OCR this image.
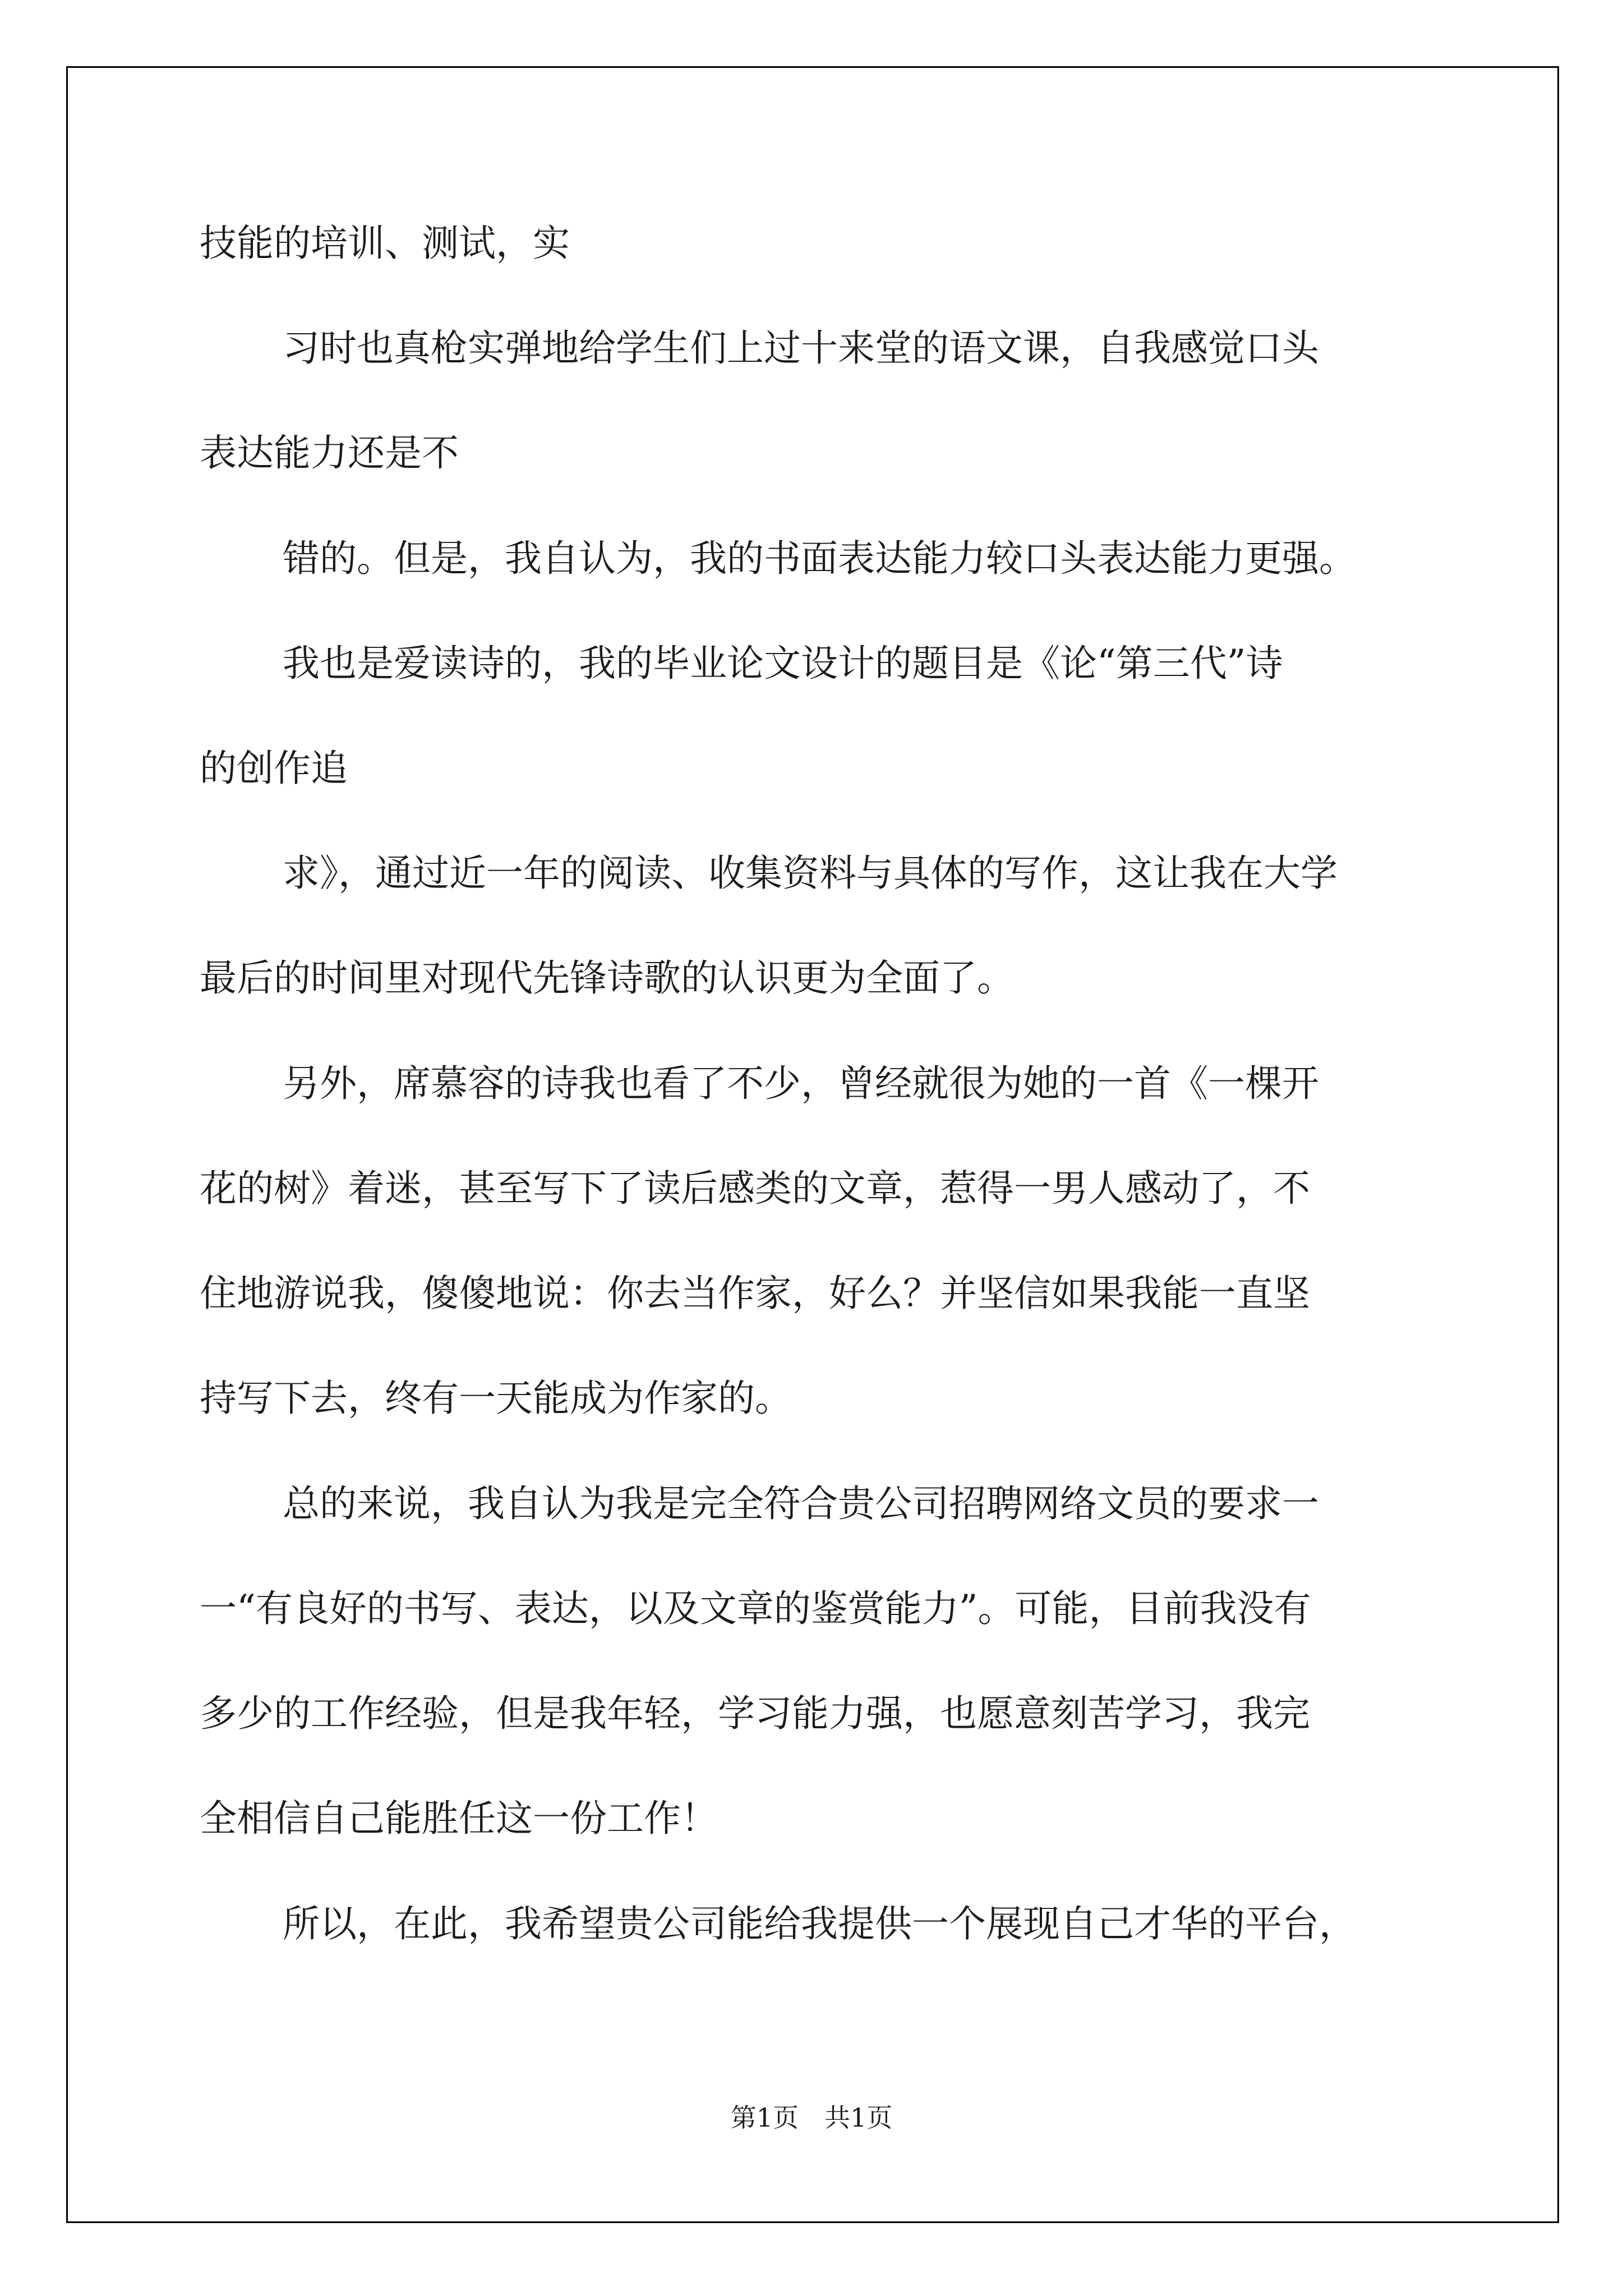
技能的培训、测试，实

习时也真枪实弹地给学生们上过十来堂的语文课，自我感觉口头

表达能力还是不

错的。但是，我自认为，我的书面表达能力较口头表达能力更强。

我也是爱读诗的，我的毕业论文设计的题目是《论“第三代”诗

的创作追

求》，通过近一年的阅读、收集资料与具体的写作，这让我在大学

最后的时间里对现代先锋诗歌的认识更为全面了。

另外，席慕容的诗我也看了不少，曾经就很为她的一首《一棵开

花的树》着迷，甚至写下了读后感类的文章，惹得一男人感动了，不

住地游说我，傻傻地说：你去当作家，好么？并坚信如果我能一直坚

持写下去，终有一天能成为作家的。

总的来说，我自认为我是完全符合贵公司招聘网络文员的要求一

一“有良好的书写、表达，以及文章的鉴赏能力”。可能，目前我没有

多少的工作经验，但是我年轻，学习能力强，也愿意刻苦学习，我完

全相信自己能胜任这一份工作！

所以，在此，我希望贵公司能给我提供一个展现自己才华的平台，

第1页 共1页
